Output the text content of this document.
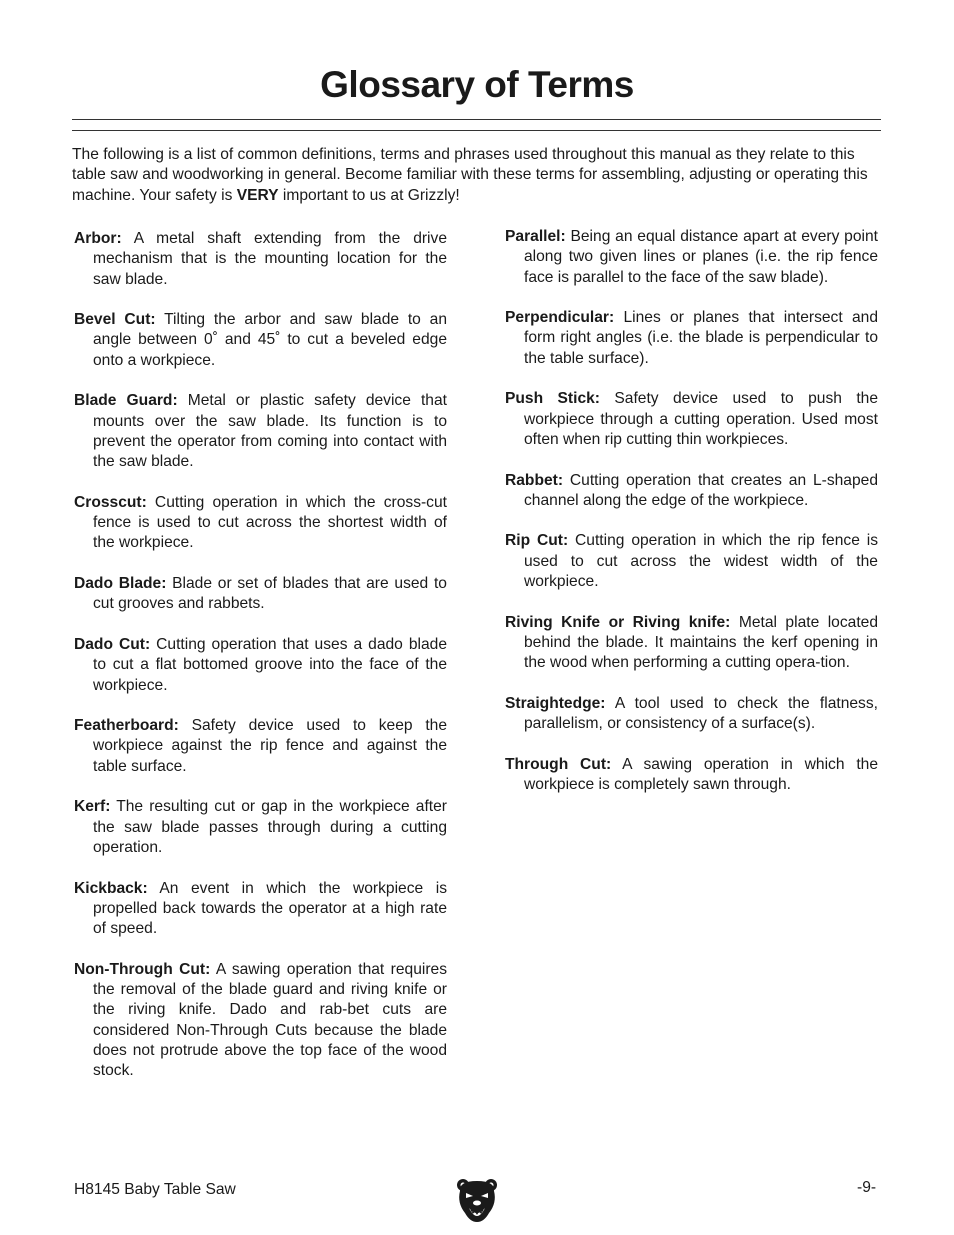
Glossary of Terms

The following is a list of common definitions, terms and phrases used throughout this manual as they relate to this table saw and woodworking in general. Become familiar with these terms for assembling, adjusting or operating this machine. Your safety is VERY important to us at Grizzly!

Arbor: A metal shaft extending from the drive mechanism that is the mounting location for the saw blade.

Bevel Cut: Tilting the arbor and saw blade to an angle between 0˚ and 45˚ to cut a beveled edge onto a workpiece.

Blade Guard: Metal or plastic safety device that mounts over the saw blade. Its function is to prevent the operator from coming into contact with the saw blade.

Crosscut: Cutting operation in which the cross-cut fence is used to cut across the shortest width of the workpiece.

Dado Blade: Blade or set of blades that are used to cut grooves and rabbets.

Dado Cut: Cutting operation that uses a dado blade to cut a flat bottomed groove into the face of the workpiece.

Featherboard: Safety device used to keep the workpiece against the rip fence and against the table surface.

Kerf: The resulting cut or gap in the workpiece after the saw blade passes through during a cutting operation.

Kickback: An event in which the workpiece is propelled back towards the operator at a high rate of speed.

Non-Through Cut: A sawing operation that requires the removal of the blade guard and riving knife or the riving knife. Dado and rab-bet cuts are considered Non-Through Cuts because the blade does not protrude above the top face of the wood stock.

Parallel: Being an equal distance apart at every point along two given lines or planes (i.e. the rip fence face is parallel to the face of the saw blade).

Perpendicular: Lines or planes that intersect and form right angles (i.e. the blade is perpendicular to the table surface).

Push Stick: Safety device used to push the workpiece through a cutting operation. Used most often when rip cutting thin workpieces.

Rabbet: Cutting operation that creates an L-shaped channel along the edge of the workpiece.

Rip Cut: Cutting operation in which the rip fence is used to cut across the widest width of the workpiece.

Riving Knife or Riving knife: Metal plate located behind the blade. It maintains the kerf opening in the wood when performing a cutting opera-tion.

Straightedge: A tool used to check the flatness, parallelism, or consistency of a surface(s).

Through Cut: A sawing operation in which the workpiece is completely sawn through.

H8145 Baby Table Saw	-9-
